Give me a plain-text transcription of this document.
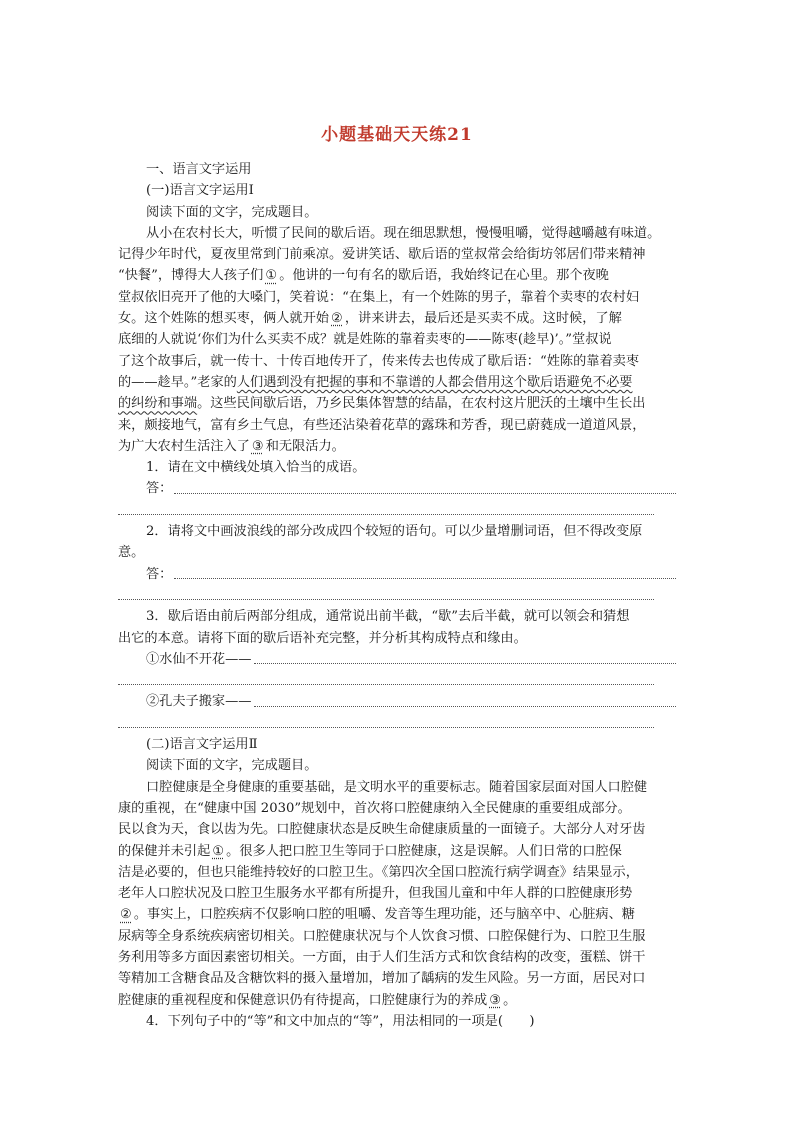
小题基础天天练21
一、语言文字运用
(一)语言文字运用Ⅰ
阅读下面的文字，完成题目。
从小在农村长大，听惯了民间的歇后语。现在细思默想，慢慢咀嚼，觉得越嚼越有味道。
记得少年时代，夏夜里常到门前乘凉。爱讲笑话、歇后语的堂叔常会给街坊邻居们带来精神
“快餐”，博得大人孩子们 ① 。他讲的一句有名的歇后语，我始终记在心里。那个夜晚
堂叔依旧亮开了他的大嗓门，笑着说：“在集上，有一个姓陈的男子，靠着个卖枣的农村妇
女。这个姓陈的想买枣，俩人就开始 ② ，讲来讲去，最后还是买卖不成。这时候，了解
底细的人就说‘你们为什么买卖不成？就是姓陈的靠着卖枣的——陈枣(趁早)’。”堂叔说
了这个故事后，就一传十、十传百地传开了，传来传去也传成了歇后语：“姓陈的靠着卖枣
的——趁早。”老家的人们遇到没有把握的事和不靠谱的人都会借用这个歇后语避免不必要
的纠纷和事端。这些民间歇后语，乃乡民集体智慧的结晶，在农村这片肥沃的土壤中生长出
来，颇接地气，富有乡土气息，有些还沾染着花草的露珠和芳香，现已蔚蕤成一道道风景，
为广大农村生活注入了 ③ 和无限活力。
1．请在文中横线处填入恰当的成语。
答：
2．请将文中画波浪线的部分改成四个较短的语句。可以少量增删词语，但不得改变原
意。
答：
3．歇后语由前后两部分组成，通常说出前半截，“歇”去后半截，就可以领会和猜想
出它的本意。请将下面的歇后语补充完整，并分析其构成特点和缘由。
①水仙不开花——
②孔夫子搬家——
(二)语言文字运用Ⅱ
阅读下面的文字，完成题目。
口腔健康是全身健康的重要基础，是文明水平的重要标志。随着国家层面对国人口腔健
康的重视，在“健康中国 2030”规划中，首次将口腔健康纳入全民健康的重要组成部分。
民以食为天，食以齿为先。口腔健康状态是反映生命健康质量的一面镜子。大部分人对牙齿
的保健并未引起 ① 。很多人把口腔卫生等同于口腔健康，这是误解。人们日常的口腔保
洁是必要的，但也只能维持较好的口腔卫生。《第四次全国口腔流行病学调查》结果显示，
老年人口腔状况及口腔卫生服务水平都有所提升，但我国儿童和中年人群的口腔健康形势
② 。事实上，口腔疾病不仅影响口腔的咀嚼、发音等生理功能，还与脑卒中、心脏病、糖
尿病等全身系统疾病密切相关。口腔健康状况与个人饮食习惯、口腔保健行为、口腔卫生服
务利用等多方面因素密切相关。一方面，由于人们生活方式和饮食结构的改变，蛋糕、饼干
等精加工含糖食品及含糖饮料的摄入量增加，增加了龋病的发生风险。另一方面，居民对口
腔健康的重视程度和保健意识仍有待提高，口腔健康行为的养成 ③ 。
4．下列句子中的“等”和文中加点的“等”，用法相同的一项是(　　)
